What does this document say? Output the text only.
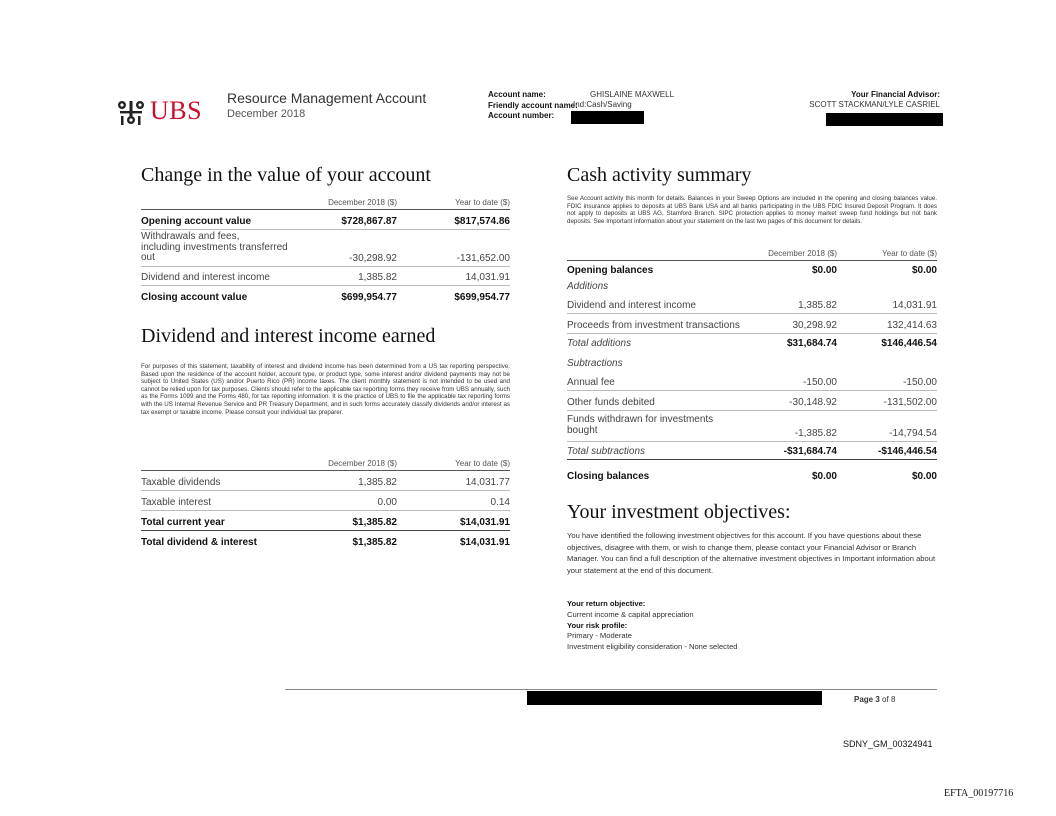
UBS Resource Management Account
December 2018
Account name:
Friendly account name:
Account number:
GHISLAINE MAXWELL
Ind:Cash/Saving
Your Financial Advisor:
SCOTT STACKMAN/LYLE CASRIEL
Change in the value of your account
December 2018 ($)	Year to date ($)
Opening account value	$728,867.87	$817,574.86
Withdrawals and fees,
including investments transferred
out	-30,298.92	-131,652.00
Dividend and interest income	1,385.82	14,031.91
Closing account value	$699,954.77	$699,954.77
Dividend and interest income earned
For purposes of this statement, taxability of interest and dividend income has been determined from a US tax reporting perspective. Based upon the residence of the account holder, account type, or product type, some interest and/or dividend payments may not be subject to United States (US) and/or Puerto Rico (PR) income taxes. The client monthly statement is not intended to be used and cannot be relied upon for tax purposes. Clients should refer to the applicable tax reporting forms they receive from UBS annually, such as the Forms 1099 and the Forms 480, for tax reporting information. It is the practice of UBS to file the applicable tax reporting forms with the US Internal Revenue Service and PR Treasury Department, and in such forms accurately classify dividends and/or interest as tax exempt or taxable income. Please consult your individual tax preparer.
December 2018 ($)	Year to date ($)
Taxable dividends	1,385.82	14,031.77
Taxable interest	0.00	0.14
Total current year	$1,385.82	$14,031.91
Total dividend & interest	$1,385.82	$14,031.91
Cash activity summary
See Account activity this month for details. Balances in your Sweep Options are included in the opening and closing balances value. FDIC insurance applies to deposits at UBS Bank USA and all banks participating in the UBS FDIC Insured Deposit Program. It does not apply to deposits at UBS AG, Stamford Branch. SIPC protection applies to money market sweep fund holdings but not bank deposits. See Important information about your statement on the last two pages of this document for details.
December 2018 ($)	Year to date ($)
Opening balances	$0.00	$0.00
Additions
Dividend and interest income	1,385.82	14,031.91
Proceeds from investment transactions	30,298.92	132,414.63
Total additions	$31,684.74	$146,446.54
Subtractions
Annual fee	-150.00	-150.00
Other funds debited	-30,148.92	-131,502.00
Funds withdrawn for investments
bought	-1,385.82	-14,794.54
Total subtractions	-$31,684.74	-$146,446.54
Closing balances	$0.00	$0.00
Your investment objectives:
You have identified the following investment objectives for this account. If you have questions about these objectives, disagree with them, or wish to change them, please contact your Financial Advisor or Branch Manager. You can find a full description of the alternative investment objectives in Important information about your statement at the end of this document.
Your return objective:
Current income & capital appreciation
Your risk profile:
Primary - Moderate
Investment eligibility consideration - None selected
Page 3 of 8
SDNY_GM_00324941
EFTA_00197716
